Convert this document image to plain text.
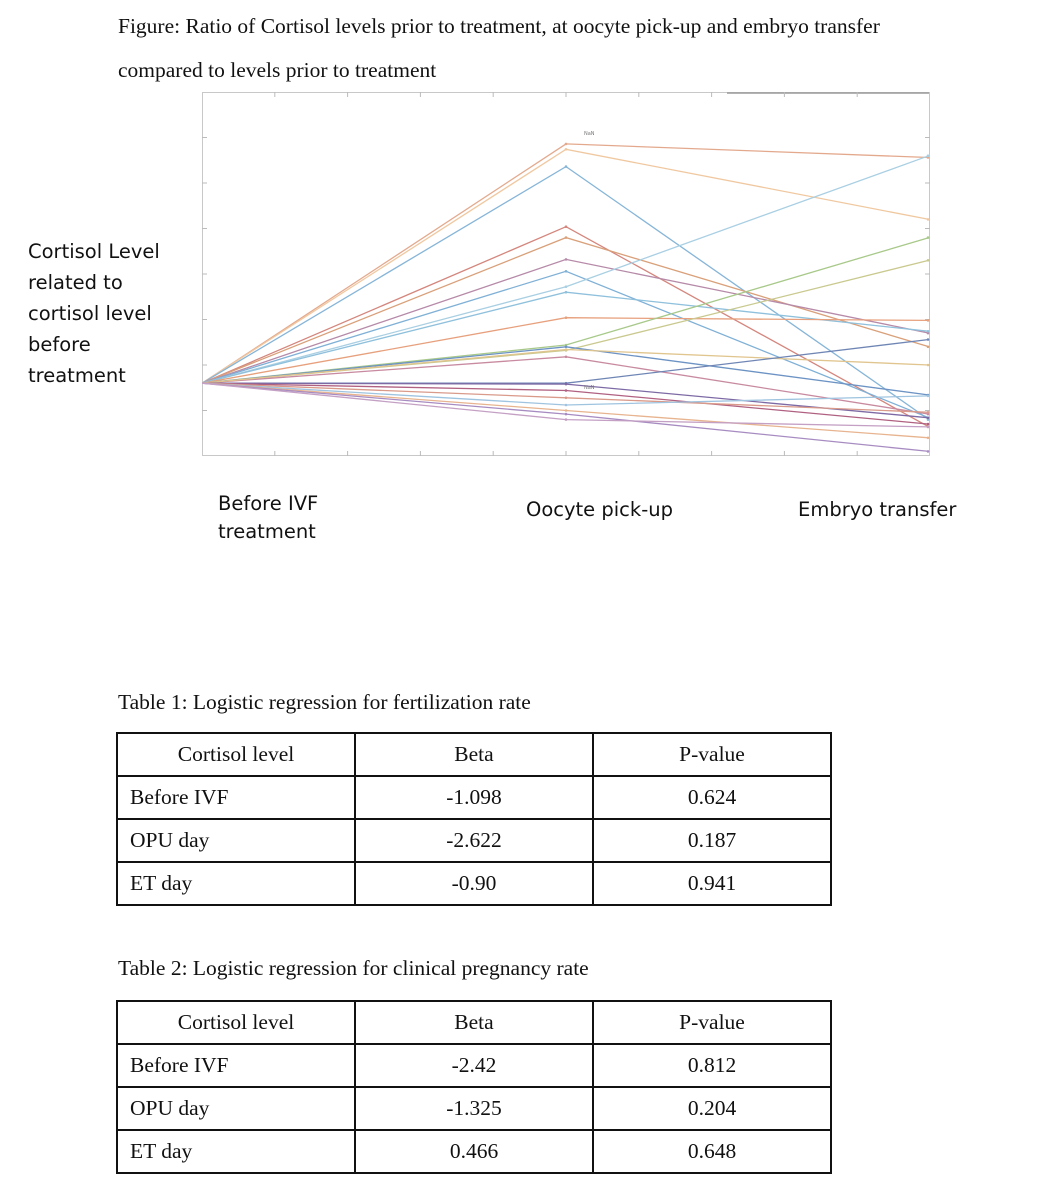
Figure: Ratio of Cortisol levels prior to treatment, at oocyte pick-up and embryo transfer
compared to levels prior to treatment

Cortisol Level
related to
cortisol level
before
treatment
NaN
NaN
Before IVF
treatment
Oocyte pick-up	Embryo transfer

Table 1: Logistic regression for fertilization rate

Cortisol level	Beta	P-value
Before IVF	-1.098	0.624
OPU day	-2.622	0.187
ET day	-0.90	0.941

Table 2: Logistic regression for clinical pregnancy rate

Cortisol level	Beta	P-value
Before IVF	-2.42	0.812
OPU day	-1.325	0.204
ET day	0.466	0.648
